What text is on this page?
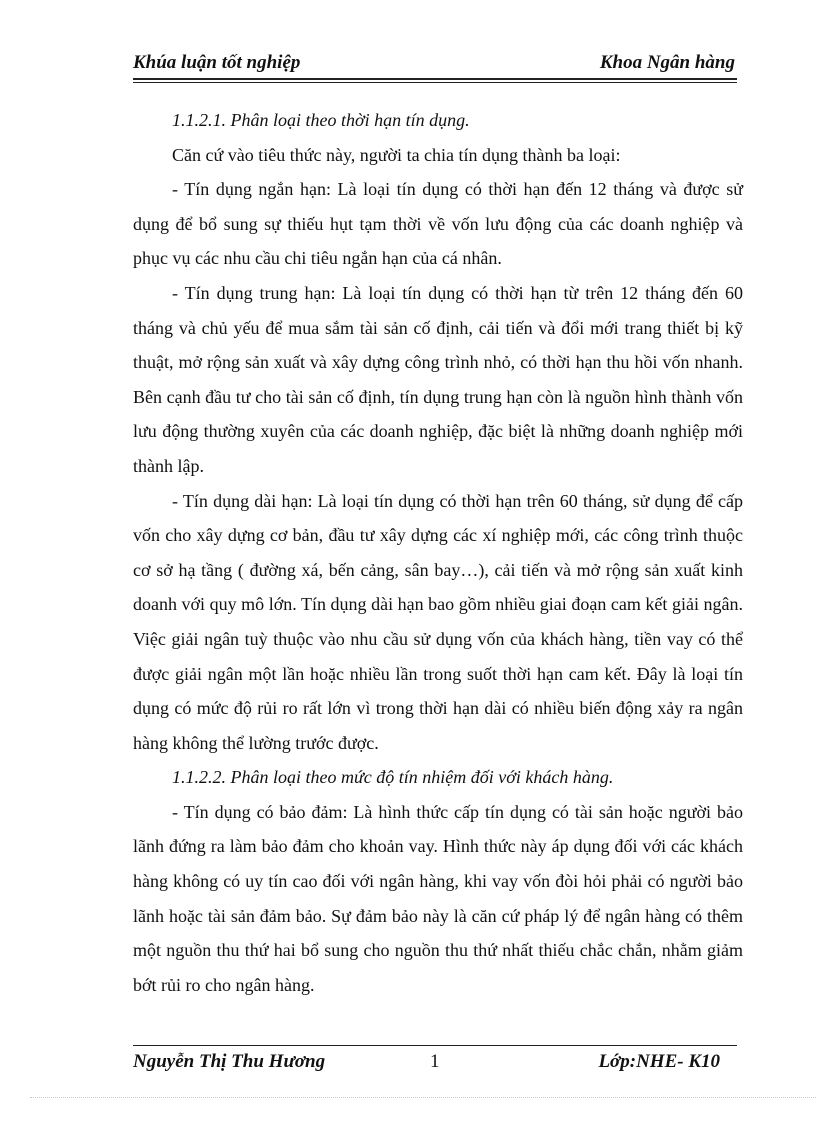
Khúa luận tốt nghiệp	Khoa Ngân hàng

1.1.2.1. Phân loại theo thời hạn tín dụng.

Căn cứ vào tiêu thức này, người ta chia tín dụng thành ba loại:

- Tín dụng ngắn hạn: Là loại tín dụng có thời hạn đến 12 tháng và được sử dụng để bổ sung sự thiếu hụt tạm thời về vốn lưu động của các doanh nghiệp và phục vụ các nhu cầu chi tiêu ngắn hạn của cá nhân.

- Tín dụng trung hạn: Là loại tín dụng có thời hạn từ trên 12 tháng đến 60 tháng và chủ yếu để mua sắm tài sản cố định, cải tiến và đổi mới trang thiết bị kỹ thuật, mở rộng sản xuất và xây dựng công trình nhỏ, có thời hạn thu hồi vốn nhanh. Bên cạnh đầu tư cho tài sản cố định, tín dụng trung hạn còn là nguồn hình thành vốn lưu động thường xuyên của các doanh nghiệp, đặc biệt là những doanh nghiệp mới thành lập.

- Tín dụng dài hạn: Là loại tín dụng có thời hạn trên 60 tháng, sử dụng để cấp vốn cho xây dựng cơ bản, đầu tư xây dựng các xí nghiệp mới, các công trình thuộc cơ sở hạ tầng ( đường xá, bến cảng, sân bay…), cải tiến và mở rộng sản xuất kinh doanh với quy mô lớn. Tín dụng dài hạn bao gồm nhiều giai đoạn cam kết giải ngân. Việc giải ngân tuỳ thuộc vào nhu cầu sử dụng vốn của khách hàng, tiền vay có thể được giải ngân một lần hoặc nhiều lần trong suốt thời hạn cam kết. Đây là loại tín dụng có mức độ rủi ro rất lớn vì trong thời hạn dài có nhiều biến động xảy ra ngân hàng không thể lường trước được.

1.1.2.2. Phân loại theo mức độ tín nhiệm đối với khách hàng.

- Tín dụng có bảo đảm: Là hình thức cấp tín dụng có tài sản hoặc người bảo lãnh đứng ra làm bảo đảm cho khoản vay. Hình thức này áp dụng đối với các khách hàng không có uy tín cao đối với ngân hàng, khi vay vốn đòi hỏi phải có người bảo lãnh hoặc tài sản đảm bảo. Sự đảm bảo này là căn cứ pháp lý để ngân hàng có thêm một nguồn thu thứ hai bổ sung cho nguồn thu thứ nhất thiếu chắc chắn, nhằm giảm bớt rủi ro cho ngân hàng.

Nguyễn Thị Thu Hương	1	Lớp:NHE- K10
